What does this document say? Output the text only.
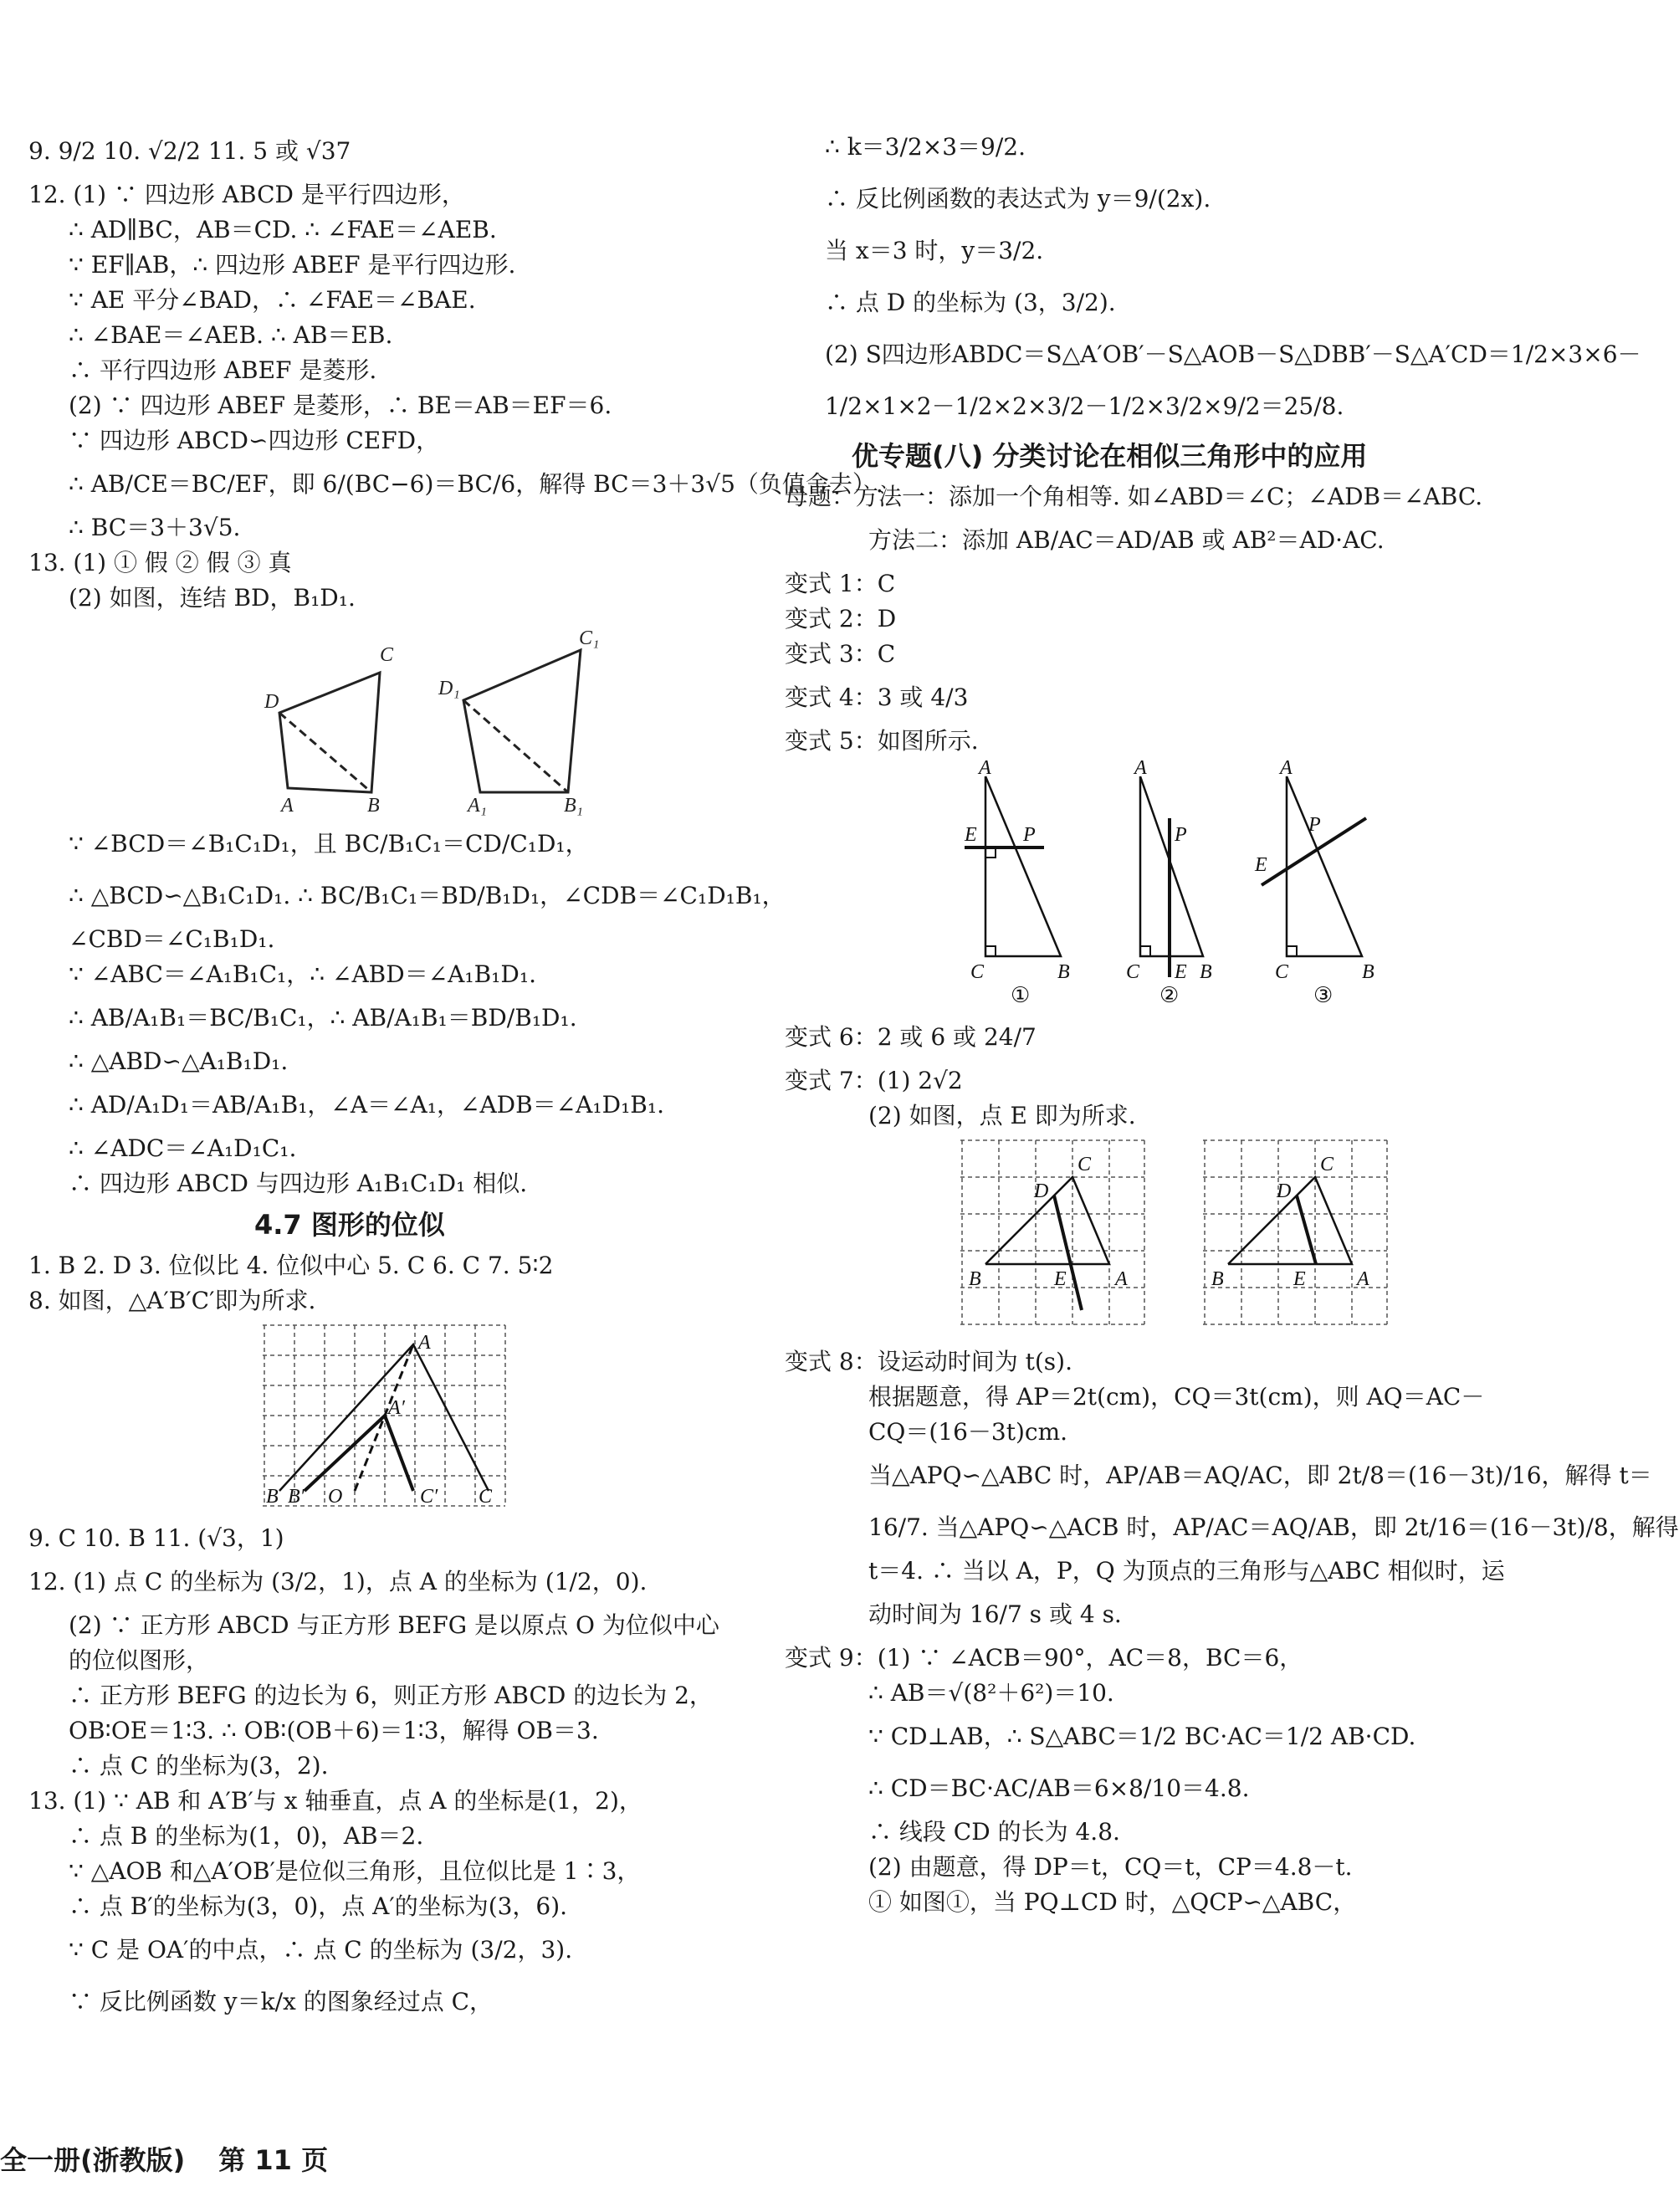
9. 9/2 10. √2/2 11. 5 或 √37
12. (1) ∵ 四边形 ABCD 是平行四边形，
∴ AD∥BC，AB＝CD. ∴ ∠FAE＝∠AEB.
∵ EF∥AB，∴ 四边形 ABEF 是平行四边形.
∵ AE 平分∠BAD，∴ ∠FAE＝∠BAE.
∴ ∠BAE＝∠AEB. ∴ AB＝EB.
∴ 平行四边形 ABEF 是菱形.
(2) ∵ 四边形 ABEF 是菱形，∴ BE＝AB＝EF＝6.
∵ 四边形 ABCD∽四边形 CEFD，
∴ AB/CE＝BC/EF，即 6/(BC−6)＝BC/6，解得 BC＝3＋3√5（负值舍去）.
∴ BC＝3＋3√5.
13. (1) ① 假 ② 假 ③ 真
(2) 如图，连结 BD，B₁D₁.
A	B
C
D
A₁	B₁
C₁
D₁
∵ ∠BCD＝∠B₁C₁D₁，且 BC/B₁C₁＝CD/C₁D₁，
∴ △BCD∽△B₁C₁D₁. ∴ BC/B₁C₁＝BD/B₁D₁，∠CDB＝∠C₁D₁B₁，
∠CBD＝∠C₁B₁D₁.
∵ ∠ABC＝∠A₁B₁C₁，∴ ∠ABD＝∠A₁B₁D₁.
∴ AB/A₁B₁＝BC/B₁C₁，∴ AB/A₁B₁＝BD/B₁D₁.
∴ △ABD∽△A₁B₁D₁.
∴ AD/A₁D₁＝AB/A₁B₁，∠A＝∠A₁，∠ADB＝∠A₁D₁B₁.
∴ ∠ADC＝∠A₁D₁C₁.
∴ 四边形 ABCD 与四边形 A₁B₁C₁D₁ 相似.
4.7 图形的位似
1. B 2. D 3. 位似比 4. 位似中心 5. C 6. C 7. 5∶2
8. 如图，△A′B′C′即为所求.
A
A′
B B′ O	C′ C
9. C 10. B 11. (√3，1)
12. (1) 点 C 的坐标为 (3/2，1)，点 A 的坐标为 (1/2，0).
(2) ∵ 正方形 ABCD 与正方形 BEFG 是以原点 O 为位似中心
的位似图形，
∴ 正方形 BEFG 的边长为 6，则正方形 ABCD 的边长为 2，
OB∶OE＝1∶3. ∴ OB∶(OB＋6)＝1∶3，解得 OB＝3.
∴ 点 C 的坐标为(3，2).
13. (1) ∵ AB 和 A′B′与 x 轴垂直，点 A 的坐标是(1，2)，
∴ 点 B 的坐标为(1，0)，AB＝2.
∵ △AOB 和△A′OB′是位似三角形，且位似比是 1∶3，
∴ 点 B′的坐标为(3，0)，点 A′的坐标为(3，6).
∵ C 是 OA′的中点，∴ 点 C 的坐标为 (3/2，3).
∵ 反比例函数 y＝k/x 的图象经过点 C，
∴ k＝3/2×3＝9/2.
∴ 反比例函数的表达式为 y＝9/(2x).
当 x＝3 时，y＝3/2.
∴ 点 D 的坐标为 (3，3/2).
(2) S四边形ABDC＝S△A′OB′－S△AOB－S△DBB′－S△A′CD＝1/2×3×6－
1/2×1×2－1/2×2×3/2－1/2×3/2×9/2＝25/8.
优专题(八) 分类讨论在相似三角形中的应用
母题：方法一：添加一个角相等. 如∠ABD＝∠C；∠ADB＝∠ABC.
方法二：添加 AB/AC＝AD/AB 或 AB²＝AD·AC.
变式 1：C
变式 2：D
变式 3：C
变式 4：3 或 4/3
变式 5：如图所示.
A
E P
C	B
A
P
C E B
A
P
E
C	B
①	②	③
变式 6：2 或 6 或 24/7
变式 7：(1) 2√2
(2) 如图，点 E 即为所求.
B
D
C
E A	B
D
C
E	A
变式 8：设运动时间为 t(s).
根据题意，得 AP＝2t(cm)，CQ＝3t(cm)，则 AQ＝AC－
CQ＝(16－3t)cm.
当△APQ∽△ABC 时，AP/AB＝AQ/AC，即 2t/8＝(16－3t)/16，解得 t＝
16/7. 当△APQ∽△ACB 时，AP/AC＝AQ/AB，即 2t/16＝(16－3t)/8，解得
t＝4. ∴ 当以 A，P，Q 为顶点的三角形与△ABC 相似时，运
动时间为 16/7 s 或 4 s.
变式 9：(1) ∵ ∠ACB＝90°，AC＝8，BC＝6，
∴ AB＝√(8²＋6²)＝10.
∵ CD⊥AB，∴ S△ABC＝1/2 BC·AC＝1/2 AB·CD.
∴ CD＝BC·AC/AB＝6×8/10＝4.8.
∴ 线段 CD 的长为 4.8.
(2) 由题意，得 DP＝t，CQ＝t，CP＝4.8－t.
① 如图①，当 PQ⊥CD 时，△QCP∽△ABC，
全一册(浙教版) 第 11 页
